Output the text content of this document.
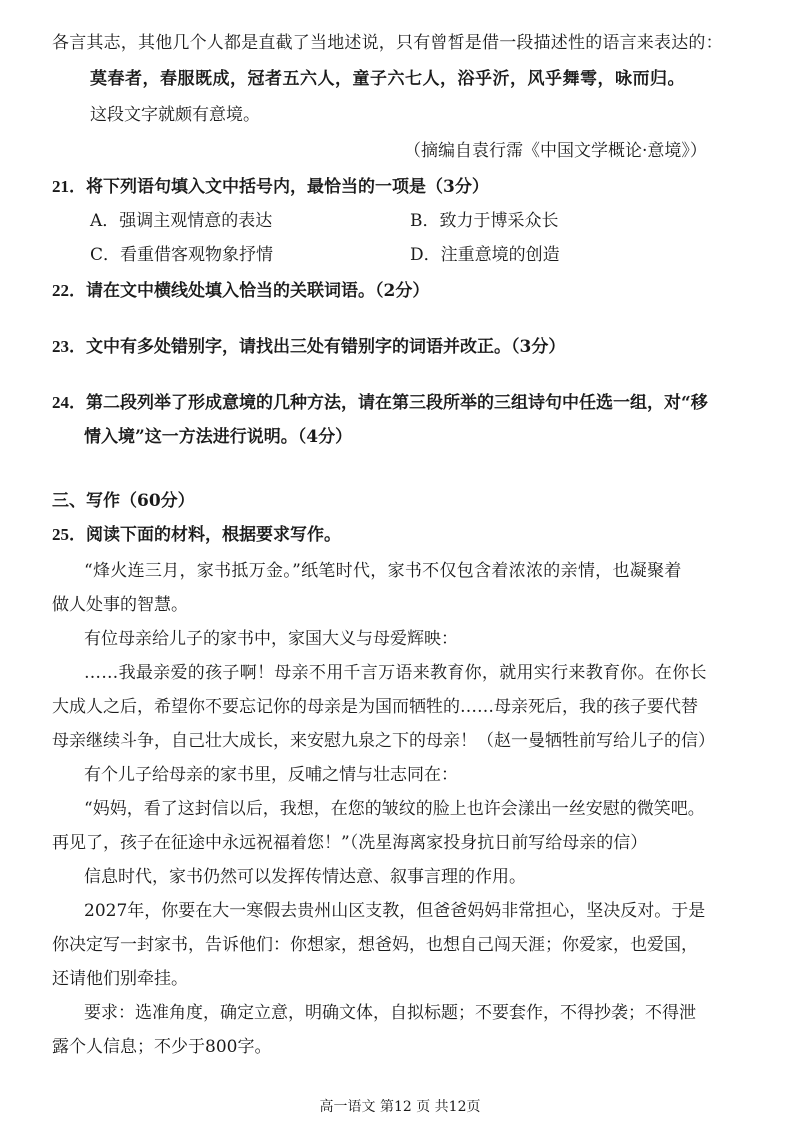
各言其志，其他几个人都是直截了当地述说，只有曾皙是借一段描述性的语言来表达的：
莫春者，春服既成，冠者五六人，童子六七人，浴乎沂，风乎舞雩，咏而归。
这段文字就颇有意境。
（摘编自袁行霈《中国文学概论·意境》）
21．将下列语句填入文中括号内，最恰当的一项是（3分）
A．强调主观情意的表达	B．致力于博采众长
C．看重借客观物象抒情	D．注重意境的创造
22．请在文中横线处填入恰当的关联词语。（2分）
23．文中有多处错别字，请找出三处有错别字的词语并改正。（3分）
24．第二段列举了形成意境的几种方法，请在第三段所举的三组诗句中任选一组，对“移
情入境”这一方法进行说明。（4分）
三、写作（60分）
25．阅读下面的材料，根据要求写作。
“烽火连三月，家书抵万金。”纸笔时代，家书不仅包含着浓浓的亲情，也凝聚着
做人处事的智慧。
有位母亲给儿子的家书中，家国大义与母爱辉映：
……我最亲爱的孩子啊！母亲不用千言万语来教育你，就用实行来教育你。在你长
大成人之后，希望你不要忘记你的母亲是为国而牺牲的……母亲死后，我的孩子要代替
母亲继续斗争，自己壮大成长，来安慰九泉之下的母亲！（赵一曼牺牲前写给儿子的信）
有个儿子给母亲的家书里，反哺之情与壮志同在：
“妈妈，看了这封信以后，我想，在您的皱纹的脸上也许会漾出一丝安慰的微笑吧。
再见了，孩子在征途中永远祝福着您！”（冼星海离家投身抗日前写给母亲的信）
信息时代，家书仍然可以发挥传情达意、叙事言理的作用。
2027年，你要在大一寒假去贵州山区支教，但爸爸妈妈非常担心，坚决反对。于是
你决定写一封家书，告诉他们：你想家，想爸妈，也想自己闯天涯；你爱家，也爱国，
还请他们别牵挂。
要求：选准角度，确定立意，明确文体，自拟标题；不要套作，不得抄袭；不得泄
露个人信息；不少于800字。
高一语文 第12 页 共12页
